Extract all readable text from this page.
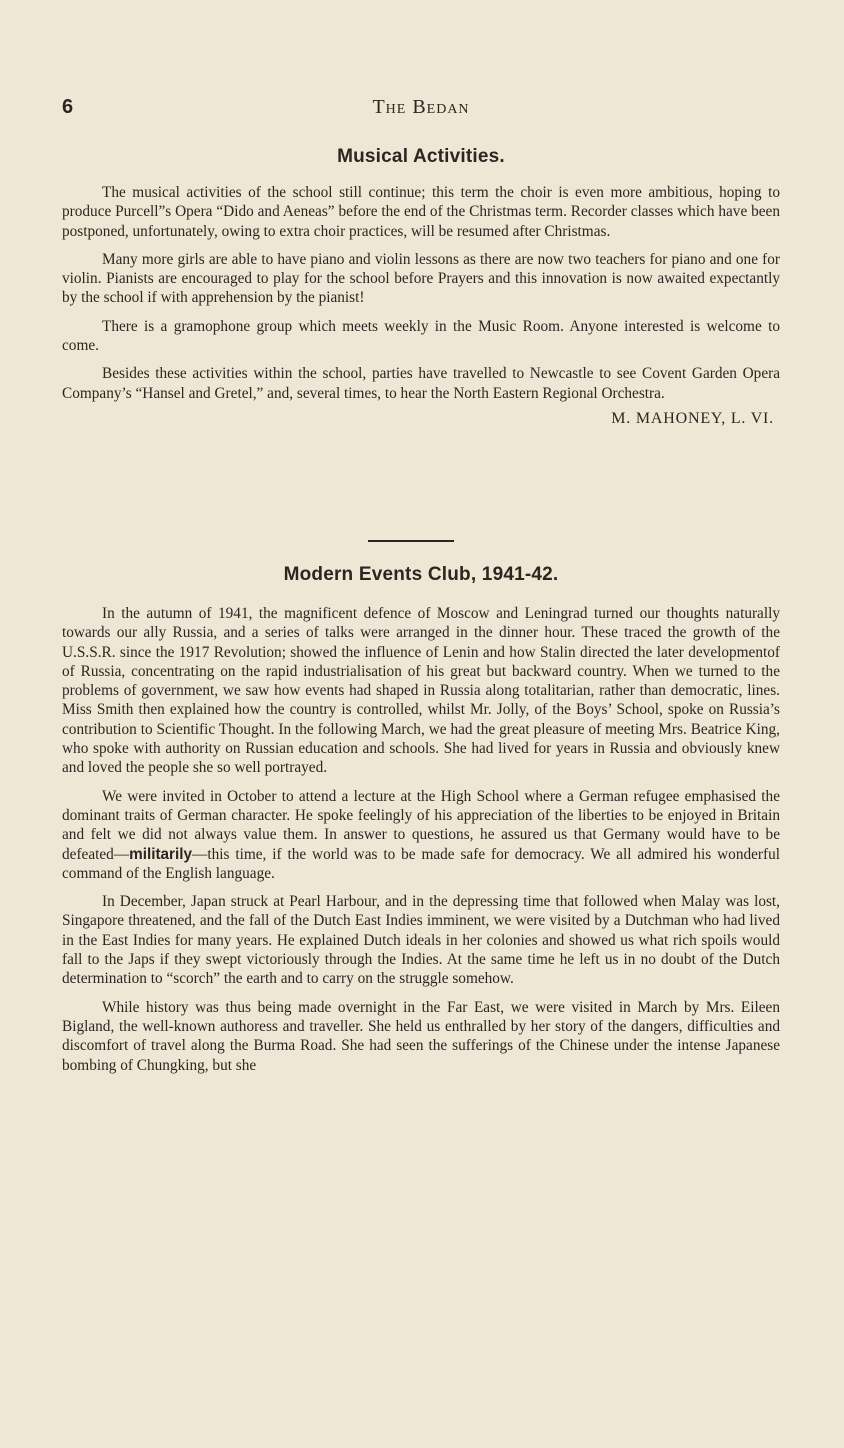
6	The Bedan
Musical Activities.

The musical activities of the school still continue; this term the choir is even more ambitious, hoping to produce Purcell”s Opera “Dido and Aeneas” before the end of the Christmas term. Recorder classes which have been postponed, unfortunately, owing to extra choir practices, will be resumed after Christmas.

Many more girls are able to have piano and violin lessons as there are now two teachers for piano and one for violin. Pianists are encouraged to play for the school before Prayers and this innovation is now awaited expectantly by the school if with apprehension by the pianist!

There is a gramophone group which meets weekly in the Music Room. Anyone interested is welcome to come.

Besides these activities within the school, parties have travelled to Newcastle to see Covent Garden Opera Company’s “Hansel and Gretel,” and, several times, to hear the North Eastern Regional Orchestra.

M. MAHONEY, L. VI.
Modern Events Club, 1941-42.

In the autumn of 1941, the magnificent defence of Moscow and Leningrad turned our thoughts naturally towards our ally Russia, and a series of talks were arranged in the dinner hour. These traced the growth of the U.S.S.R. since the 1917 Revolution; showed the influence of Lenin and how Stalin directed the later developmentof of Russia, concentrating on the rapid industrialisation of his great but backward country. When we turned to the problems of government, we saw how events had shaped in Russia along totalitarian, rather than democratic, lines. Miss Smith then explained how the country is controlled, whilst Mr. Jolly, of the Boys’ School, spoke on Russia’s contribution to Scientific Thought. In the following March, we had the great pleasure of meeting Mrs. Beatrice King, who spoke with authority on Russian education and schools. She had lived for years in Russia and obviously knew and loved the people she so well portrayed.

We were invited in October to attend a lecture at the High School where a German refugee emphasised the dominant traits of German character. He spoke feelingly of his appreciation of the liberties to be enjoyed in Britain and felt we did not always value them. In answer to questions, he assured us that Germany would have to be defeated—militarily—this time, if the world was to be made safe for democracy. We all admired his wonderful command of the English language.

In December, Japan struck at Pearl Harbour, and in the depressing time that followed when Malay was lost, Singapore threatened, and the fall of the Dutch East Indies imminent, we were visited by a Dutchman who had lived in the East Indies for many years. He explained Dutch ideals in her colonies and showed us what rich spoils would fall to the Japs if they swept victoriously through the Indies. At the same time he left us in no doubt of the Dutch determination to “scorch” the earth and to carry on the struggle somehow.

While history was thus being made overnight in the Far East, we were visited in March by Mrs. Eileen Bigland, the well-known authoress and traveller. She held us enthralled by her story of the dangers, difficulties and discomfort of travel along the Burma Road. She had seen the sufferings of the Chinese under the intense Japanese bombing of Chungking, but she
